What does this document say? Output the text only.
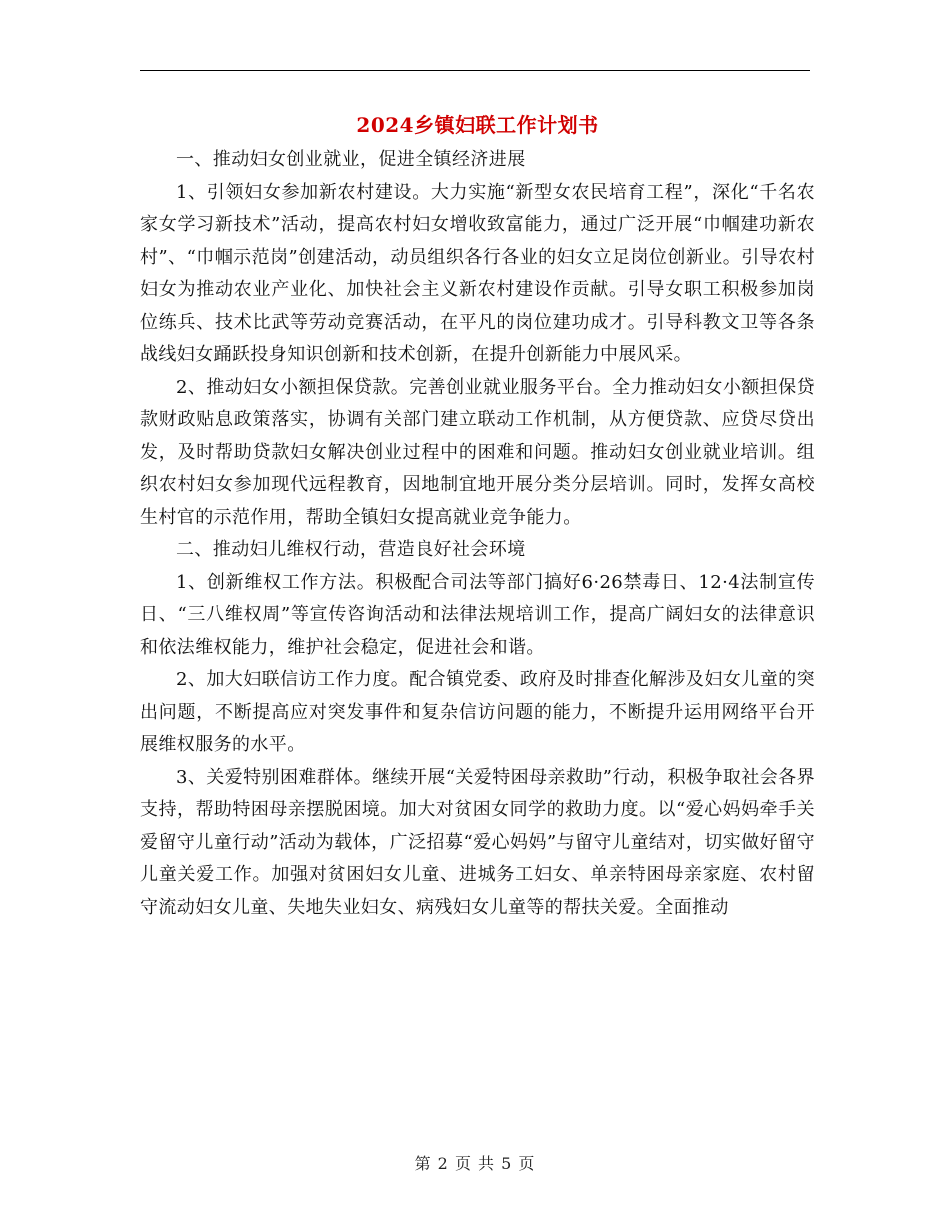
2024乡镇妇联工作计划书

一、推动妇女创业就业，促进全镇经济进展

1、引领妇女参加新农村建设。大力实施“新型女农民培育工程”，深化“千名农家女学习新技术”活动，提高农村妇女增收致富能力，通过广泛开展“巾帼建功新农村”、“巾帼示范岗”创建活动，动员组织各行各业的妇女立足岗位创新业。引导农村妇女为推动农业产业化、加快社会主义新农村建设作贡献。引导女职工积极参加岗位练兵、技术比武等劳动竞赛活动，在平凡的岗位建功成才。引导科教文卫等各条战线妇女踊跃投身知识创新和技术创新，在提升创新能力中展风采。

2、推动妇女小额担保贷款。完善创业就业服务平台。全力推动妇女小额担保贷款财政贴息政策落实，协调有关部门建立联动工作机制，从方便贷款、应贷尽贷出发，及时帮助贷款妇女解决创业过程中的困难和问题。推动妇女创业就业培训。组织农村妇女参加现代远程教育，因地制宜地开展分类分层培训。同时，发挥女高校生村官的示范作用，帮助全镇妇女提高就业竞争能力。

二、推动妇儿维权行动，营造良好社会环境

1、创新维权工作方法。积极配合司法等部门搞好6·26禁毒日、12·4法制宣传日、“三八维权周”等宣传咨询活动和法律法规培训工作，提高广阔妇女的法律意识和依法维权能力，维护社会稳定，促进社会和谐。

2、加大妇联信访工作力度。配合镇党委、政府及时排查化解涉及妇女儿童的突出问题，不断提高应对突发事件和复杂信访问题的能力，不断提升运用网络平台开展维权服务的水平。

3、关爱特别困难群体。继续开展“关爱特困母亲救助”行动，积极争取社会各界支持，帮助特困母亲摆脱困境。加大对贫困女同学的救助力度。以“爱心妈妈牵手关爱留守儿童行动”活动为载体，广泛招募“爱心妈妈”与留守儿童结对，切实做好留守儿童关爱工作。加强对贫困妇女儿童、进城务工妇女、单亲特困母亲家庭、农村留守流动妇女儿童、失地失业妇女、病残妇女儿童等的帮扶关爱。全面推动

第 2 页 共 5 页
